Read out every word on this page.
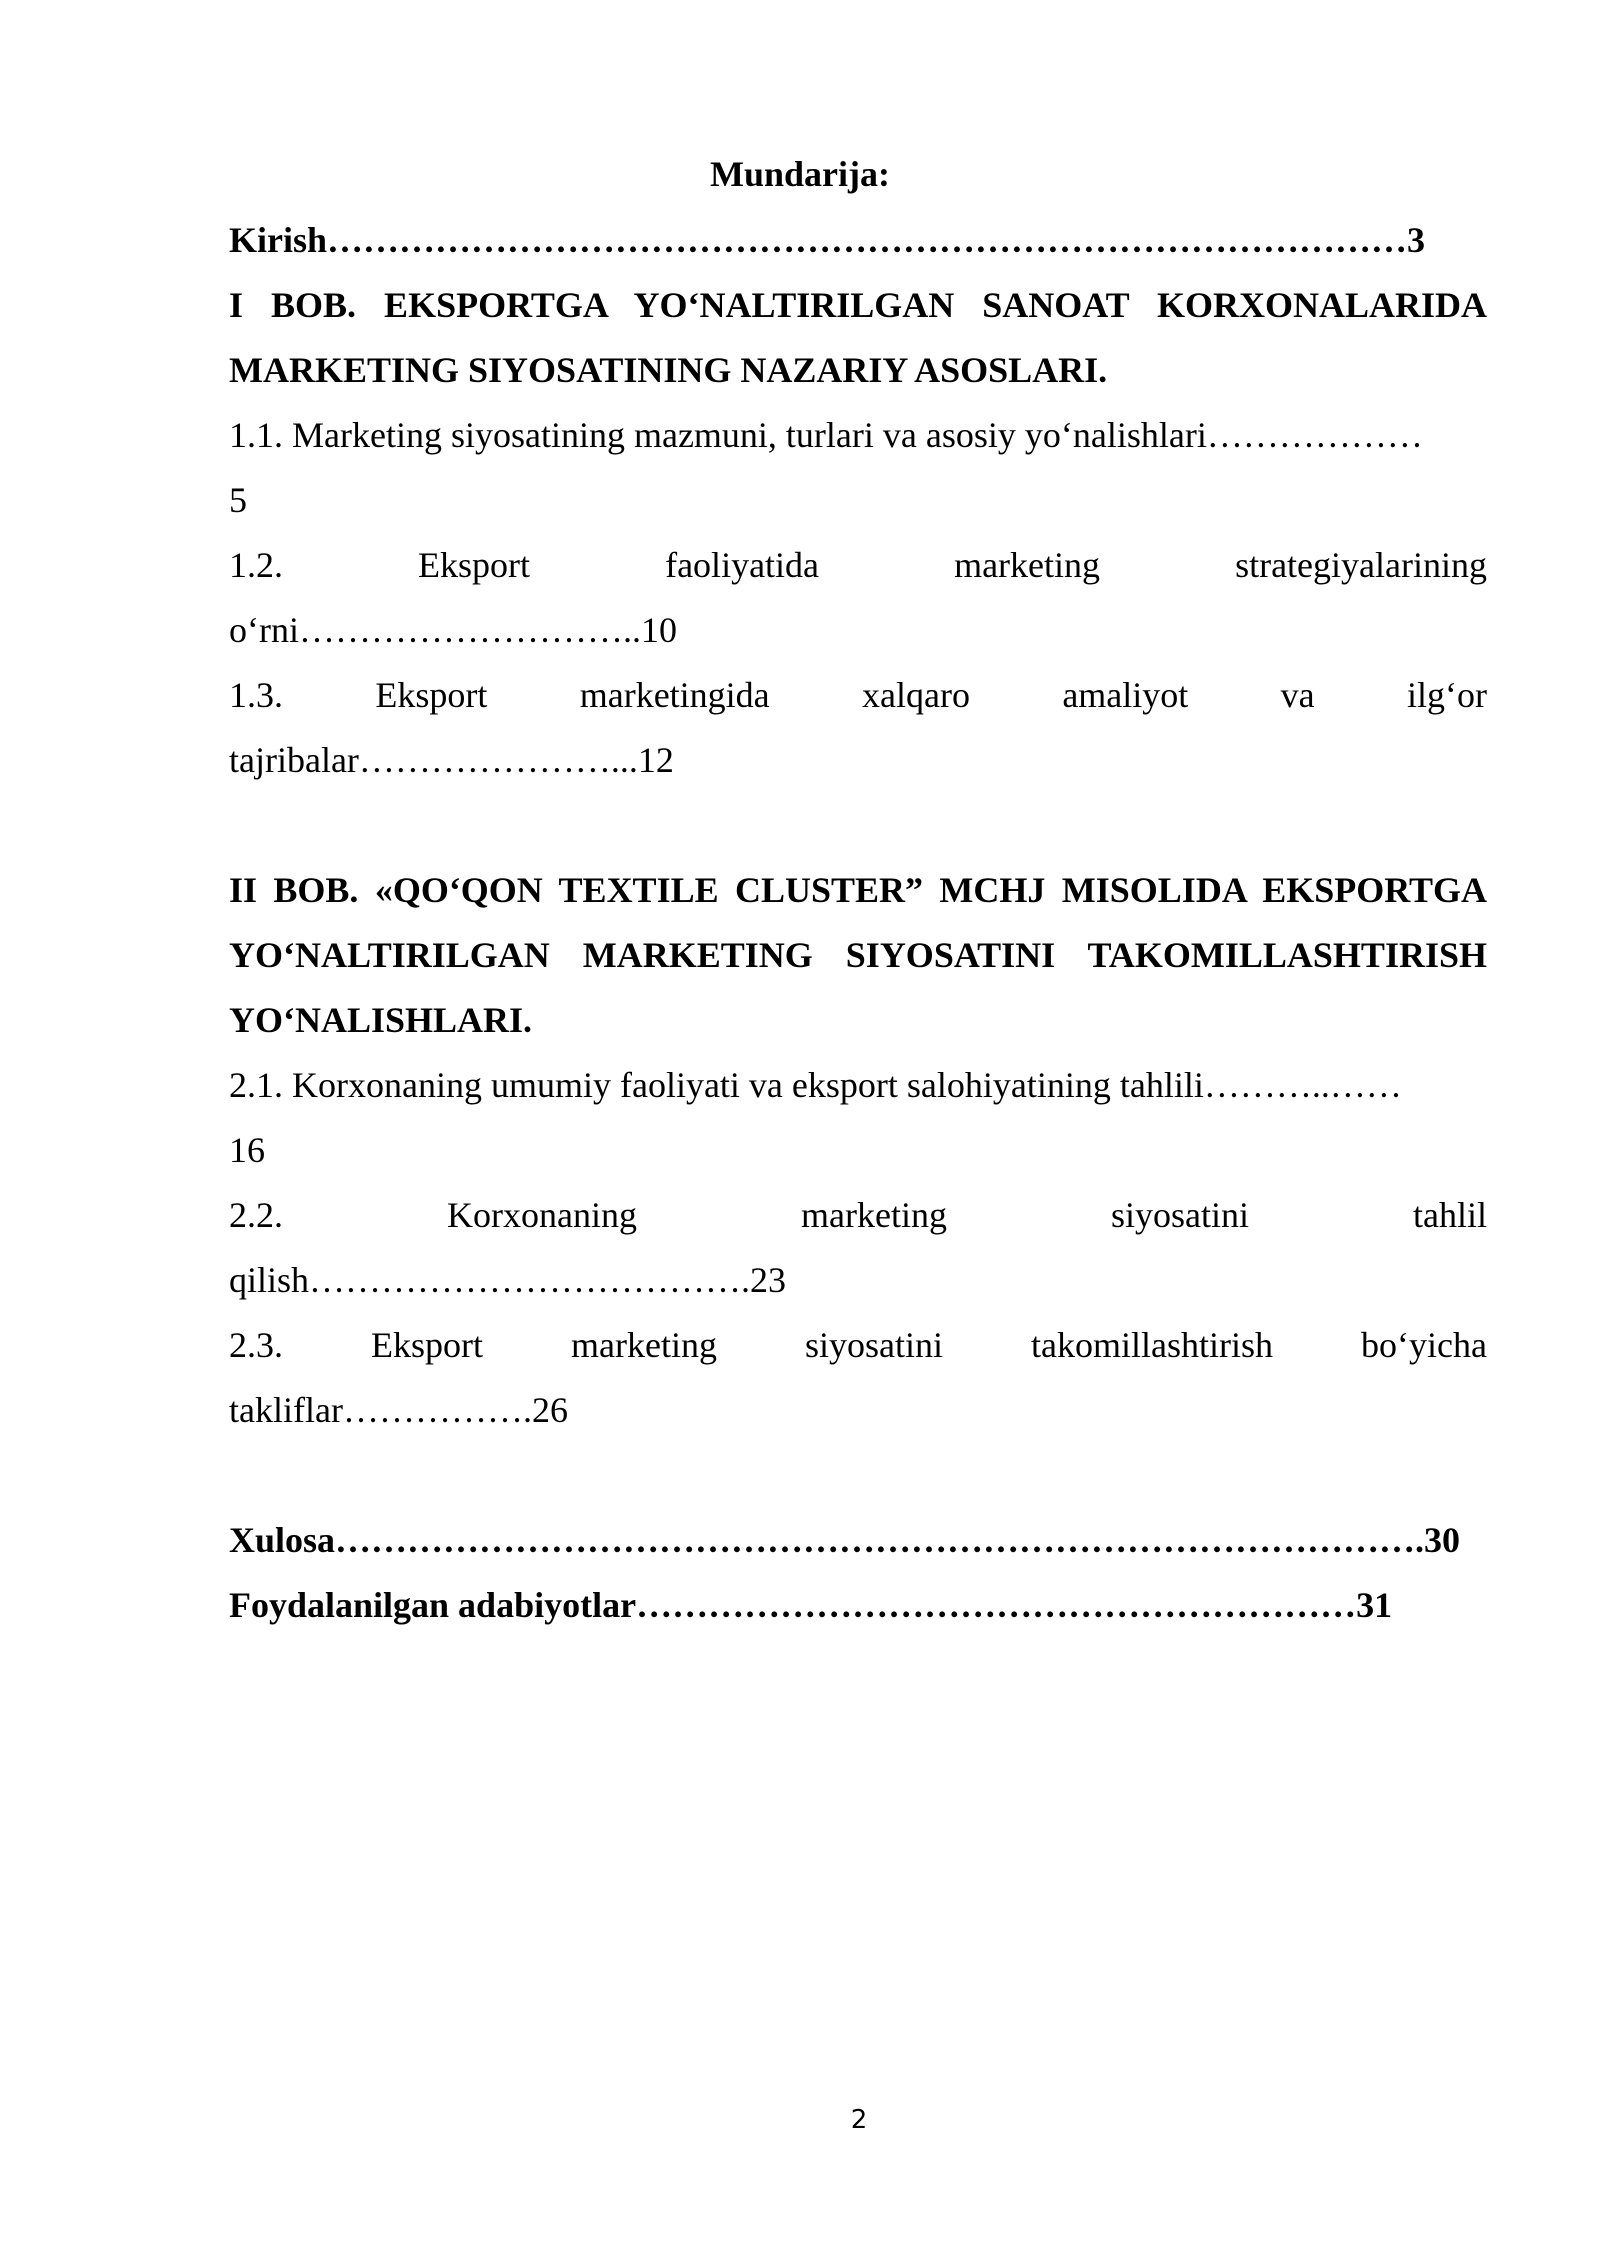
Mundarija:
Kirish………………………………………………………………………………3
I BOB. EKSPORTGA YO‘NALTIRILGAN SANOAT KORXONALARIDA
MARKETING SIYOSATINING NAZARIY ASOSLARI.
1.1. Marketing siyosatining mazmuni, turlari va asosiy yo‘nalishlari………………
5
1.2.	Eksport	faoliyatida	marketing	strategiyalarining
o‘rni………………………..10
1.3.	Eksport	marketingida	xalqaro	amaliyot	va	ilg‘or
tajribalar…………………...12
II BOB. «QO‘QON TEXTILE CLUSTER” MCHJ MISOLIDA EKSPORTGA
YO‘NALTIRILGAN MARKETING SIYOSATINI TAKOMILLASHTIRISH
YO‘NALISHLARI.
2.1. Korxonaning umumiy faoliyati va eksport salohiyatining tahlili………..……
16
2.2.	Korxonaning	marketing	siyosatini	tahlil
qilish……………………………….23
2.3. Eksport marketing siyosatini takomillashtirish bo‘yicha
takliflar…………….26
Xulosa……………………………………………………………………………….30
Foydalanilgan adabiyotlar……………………………………………………31
2
